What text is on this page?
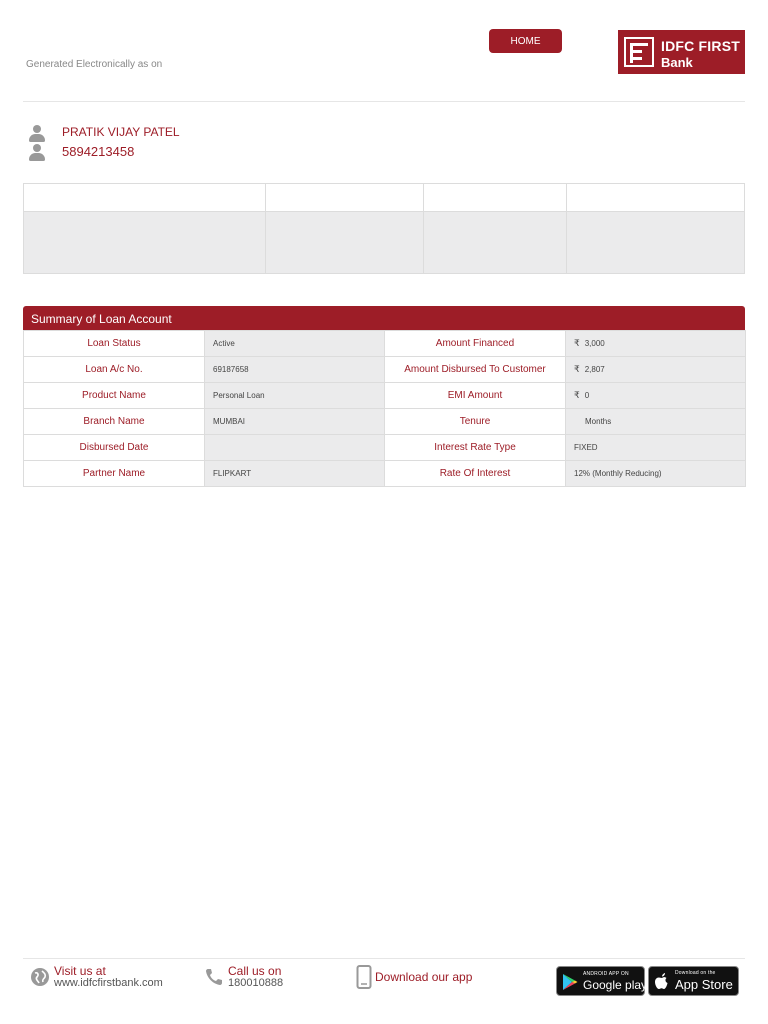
Generated Electronically as on
HOME	IDFC FIRST
Bank
PRATIK VIJAY PATEL
5894213458

Summary of Loan Account
Loan Status	Active	Amount Financed	₹ 3,000
Loan A/c No.	69187658	Amount Disbursed To Customer	₹ 2,807
Product Name	Personal Loan	EMI Amount	₹ 0
Branch Name	MUMBAI	Tenure	Months
Disbursed Date		Interest Rate Type	FIXED
Partner Name	FLIPKART	Rate Of Interest	12% (Monthly Reducing)
Visit us at
www.idfcfirstbank.com
Call us on
180010888	Download our app	ANDROID APP ON
Google play
Download on the
App Store
